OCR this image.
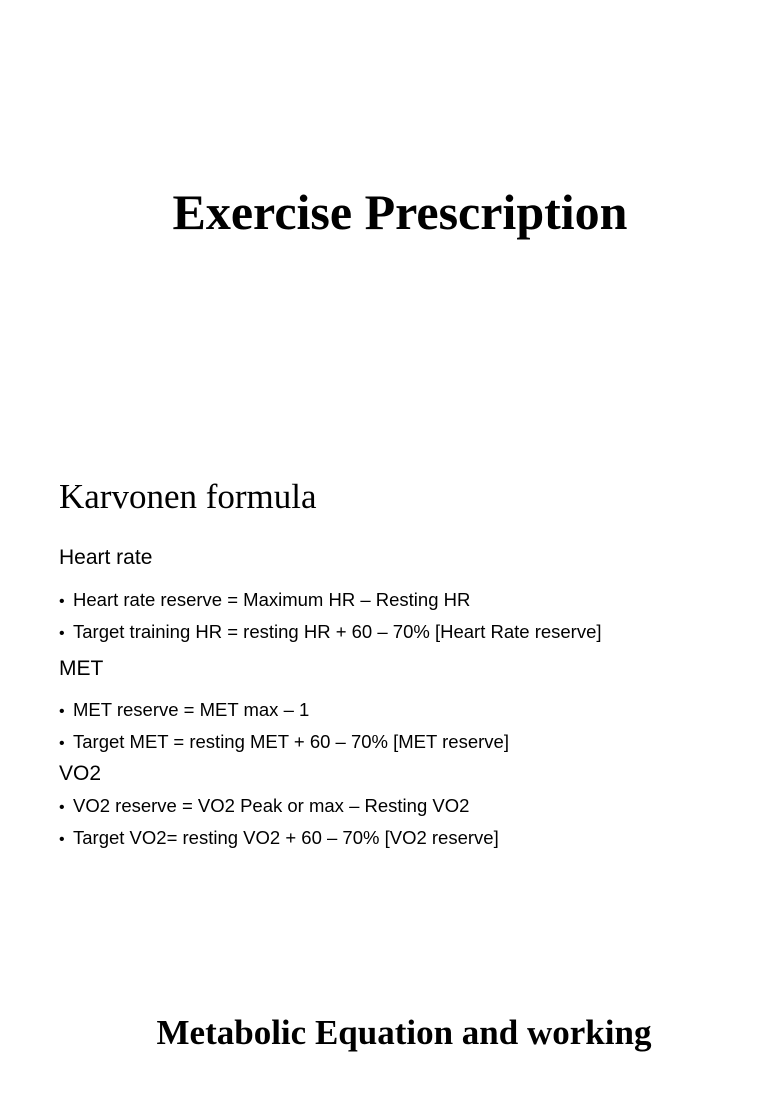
Exercise Prescription
Karvonen formula

Heart rate

• Heart rate reserve = Maximum HR – Resting HR

• Target training HR = resting HR + 60 – 70% [Heart Rate reserve]

MET

• MET reserve = MET max – 1

• Target MET = resting MET + 60 – 70% [MET reserve]

VO2

• VO2 reserve = VO2 Peak or max – Resting VO2

• Target VO2= resting VO2 + 60 – 70% [VO2 reserve]

Metabolic Equation and working
